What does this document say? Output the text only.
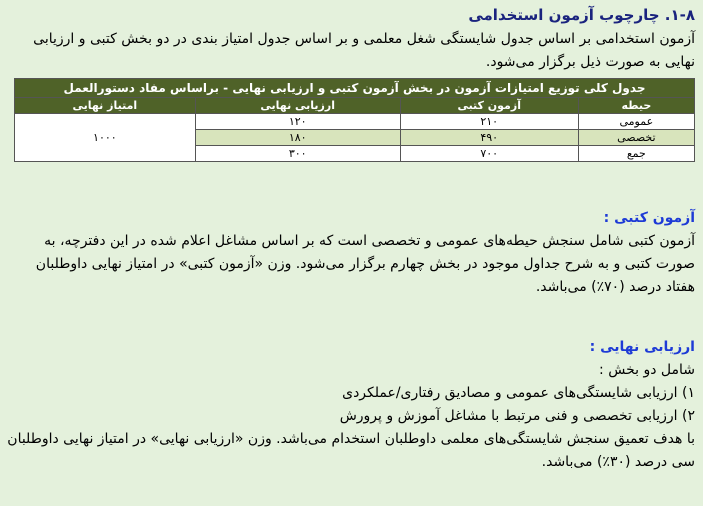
۱-۸. چارچوب آزمون استخدامی
آزمون استخدامی بر اساس جدول شایستگی شغل معلمی و بر اساس جدول امتیاز بندی در دو بخش کتبی و ارزیابی نهایی به صورت ذیل برگزار می‌شود.
جدول کلی توزیع امتیازات آزمون در بخش آزمون کتبی و ارزیابی نهایی - براساس مفاد دستورالعمل			
حیطه	آزمون کتبی	ارزیابی نهایی	امتیاز نهایی
عمومی	۲۱۰	۱۲۰	۱۰۰۰
تخصصی	۴۹۰	۱۸۰	
جمع	۷۰۰	۳۰۰	
آزمون کتبی :
آزمون کتبی شامل سنجش حیطه‌های عمومی و تخصصی است که بر اساس مشاغل اعلام شده در این دفترچه، به صورت کتبی و به شرح جداول موجود در بخش چهارم برگزار می‌شود. وزن «آزمون کتبی» در امتیاز نهایی داوطلبان هفتاد درصد (۷۰٪) می‌باشد.
ارزیابی نهایی :
شامل دو بخش :
۱) ارزیابی شایستگی‌های عمومی و مصادیق رفتاری/عملکردی
۲) ارزیابی تخصصی و فنی مرتبط با مشاغل آموزش و پرورش
با هدف تعمیق سنجش شایستگی‌های معلمی داوطلبان استخدام می‌باشد. وزن «ارزیابی نهایی» در امتیاز نهایی داوطلبان سی درصد (۳۰٪) می‌باشد.
